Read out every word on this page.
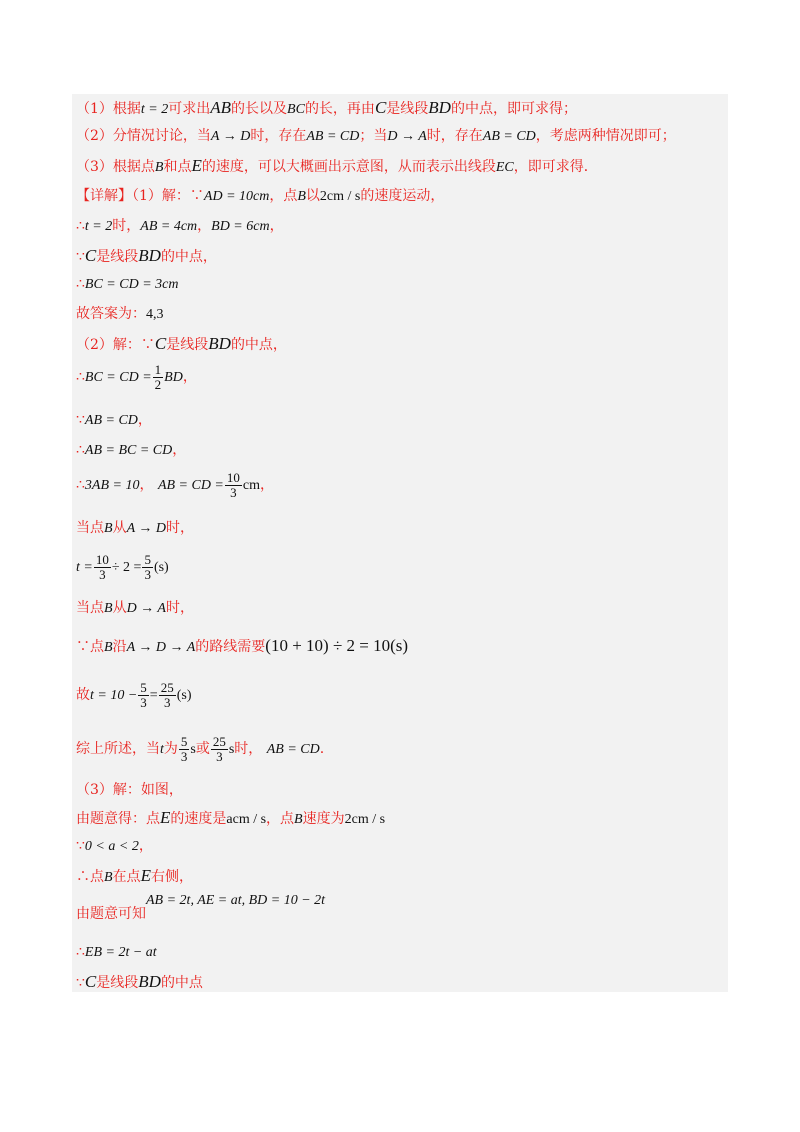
（1）根据t = 2可求出AB的长以及BC的长，再由C是线段BD的中点，即可求得；
（2）分情况讨论，当A → D时，存在AB = CD；当D → A时，存在AB = CD，考虑两种情况即可；
（3）根据点B和点E的速度，可以大概画出示意图，从而表示出线段EC，即可求得．
【详解】（1）解：∵AD = 10cm，点B以2cm / s的速度运动，
∴t = 2时，AB = 4cm，BD = 6cm，
∵C是线段BD的中点，
∴BC = CD = 3cm
故答案为：4,3
（2）解：∵C是线段BD的中点，
∴BC = CD = $\frac{1}{2}$ BD，
∵AB = CD，
∴AB = BC = CD，
∴3AB = 10， AB = CD = $\frac{10}{3}$ cm，
当点B从A → D时，
$t = \frac{10}{3} \div 2 = \frac{5}{3} (s)$
当点B从D → A时，
∵点B沿A → D → A的路线需要(10 + 10) ÷ 2 = 10(s)
故$t = 10 - \frac{5}{3} = \frac{25}{3} (s)$
综上所述，当t为 $\frac{5}{3}$ s或 $\frac{25}{3}$ s时， AB = CD.
（3）解：如图，
由题意得：点E的速度是acm / s，点B速度为2cm / s
∵0 < a < 2，
∴点B在点E右侧，
AB = 2t, AE = at, BD = 10 − 2t
由题意可知
∴EB = 2t − at
∵C是线段BD的中点
